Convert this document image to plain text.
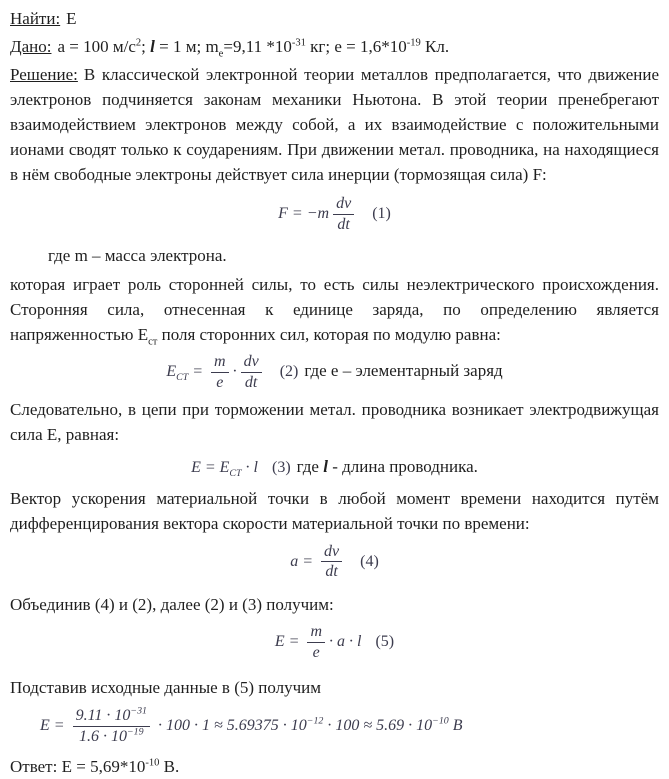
Найти: Е
Дано: a = 100 $м/с^2$; l = 1 м; $m_е=9,11$ $*10^{-31}$ кг; $е = 1,6*10^{-19}$ Кл.

Решение: В классической электронной теории металлов предполагается, что движение электронов подчиняется законам механики Ньютона. В этой теории пренебрегают взаимодействием электронов между собой, а их взаимодействие с положительными ионами сводят только к соударениям. При движении метал. проводника, на находящиеся в нём свободные электроны действует сила инерции (тормозящая сила) F:

$F = -m \frac{dv}{dt} (1)$

где m – масса электрона.

которая играет роль сторонней силы, то есть силы неэлектрического происхождения. Сторонняя сила, отнесенная к единице заряда, по определению является напряженностью $Е_{ст}$ поля сторонних сил, которая по модулю равна:

$E_{СТ} = \frac{m}{е} \cdot \frac{dv}{dt} (2)$ где е – элементарный заряд

Следовательно, в цепи при торможении метал. проводника возникает электродвижущая сила Е, равная:

$E = E_{СТ} \cdot l$ (3) где l - длина проводника.

Вектор ускорения материальной точки в любой момент времени находится путём дифференцирования вектора скорости материальной точки по времени:

$a = \frac{dv}{dt} (4)$

Объединив (4) и (2), далее (2) и (3) получим:

$E = \frac{m}{е} \cdot a \cdot l$ (5)

Подставив исходные данные в (5) получим

$E = \frac{9.11 \cdot 10^{-31}}{1.6 \cdot 10^{-19}} \cdot 100 \cdot 1 \approx 5.69375 \cdot 10^{-12} \cdot 100 \approx 5.69 \cdot 10^{-10}$ В
Ответ: $Е = 5,69*10^{-10}$ В.
